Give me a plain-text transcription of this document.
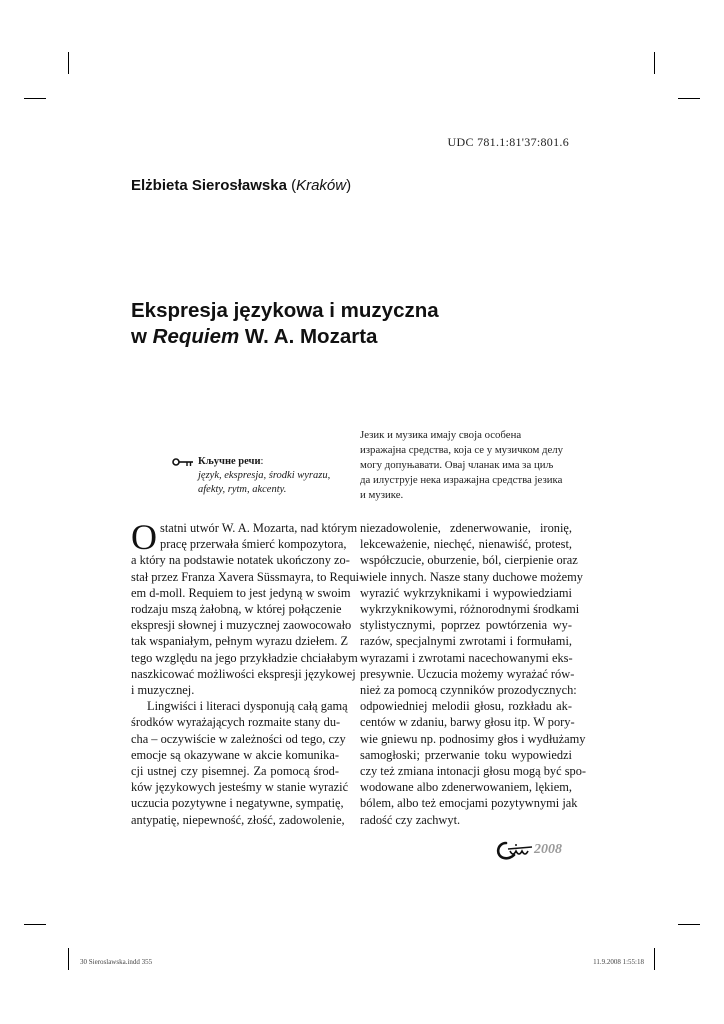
UDC 781.1:81'37:801.6
Elżbieta Sierosławska (Kraków)
Ekspresja językowa i muzyczna
w Requiem W. A. Mozarta
Кључне речи:
język, ekspresja, środki wyrazu,
afekty, rytm, akcenty.
Језик и музика имају своја особена
изражајна средства, која се у музичком делу
могу допуњавати. Овај чланак има за циљ
да илуструје нека изражајна средства језика
и музике.
O statni utwór W. A. Mozarta, nad którym
pracę przerwała śmierć kompozytora,
a który na podstawie notatek ukończony zo-
stał przez Franza Xavera Süssmayra, to Requi-
em d-moll. Requiem to jest jedyną w swoim
rodzaju mszą żałobną, w której połączenie
ekspresji słownej i muzycznej zaowocowało
tak wspaniałym, pełnym wyrazu dziełem. Z
tego względu na jego przykładzie chciałabym
naszkicować możliwości ekspresji językowej
i muzycznej.
Lingwiści i literaci dysponują całą gamą
środków wyrażających rozmaite stany du-
cha – oczywiście w zależności od tego, czy
emocje są okazywane w akcie komunika-
cji ustnej czy pisemnej. Za pomocą środ-
ków językowych jesteśmy w stanie wyrazić
uczucia pozytywne i negatywne, sympatię,
antypatię, niepewność, złość, zadowolenie,
niezadowolenie, zdenerwowanie, ironię,
lekceważenie, niechęć, nienawiść, protest,
współczucie, oburzenie, ból, cierpienie oraz
wiele innych. Nasze stany duchowe możemy
wyrazić wykrzyknikami i wypowiedziami
wykrzyknikowymi, różnorodnymi środkami
stylistycznymi, poprzez powtórzenia wy-
razów, specjalnymi zwrotami i formułami,
wyrazami i zwrotami nacechowanymi eks-
presywnie. Uczucia możemy wyrażać rów-
nież za pomocą czynników prozodycznych:
odpowiedniej melodii głosu, rozkładu ak-
centów w zdaniu, barwy głosu itp. W pory-
wie gniewu np. podnosimy głos i wydłużamy
samogłoski; przerwanie toku wypowiedzi
czy też zmiana intonacji głosu mogą być spo-
wodowane albo zdenerwowaniem, lękiem,
bólem, albo też emocjami pozytywnymi jak
radość czy zachwyt.
2008
30 Sieroslawska.indd 355	11.9.2008 1:55:18
